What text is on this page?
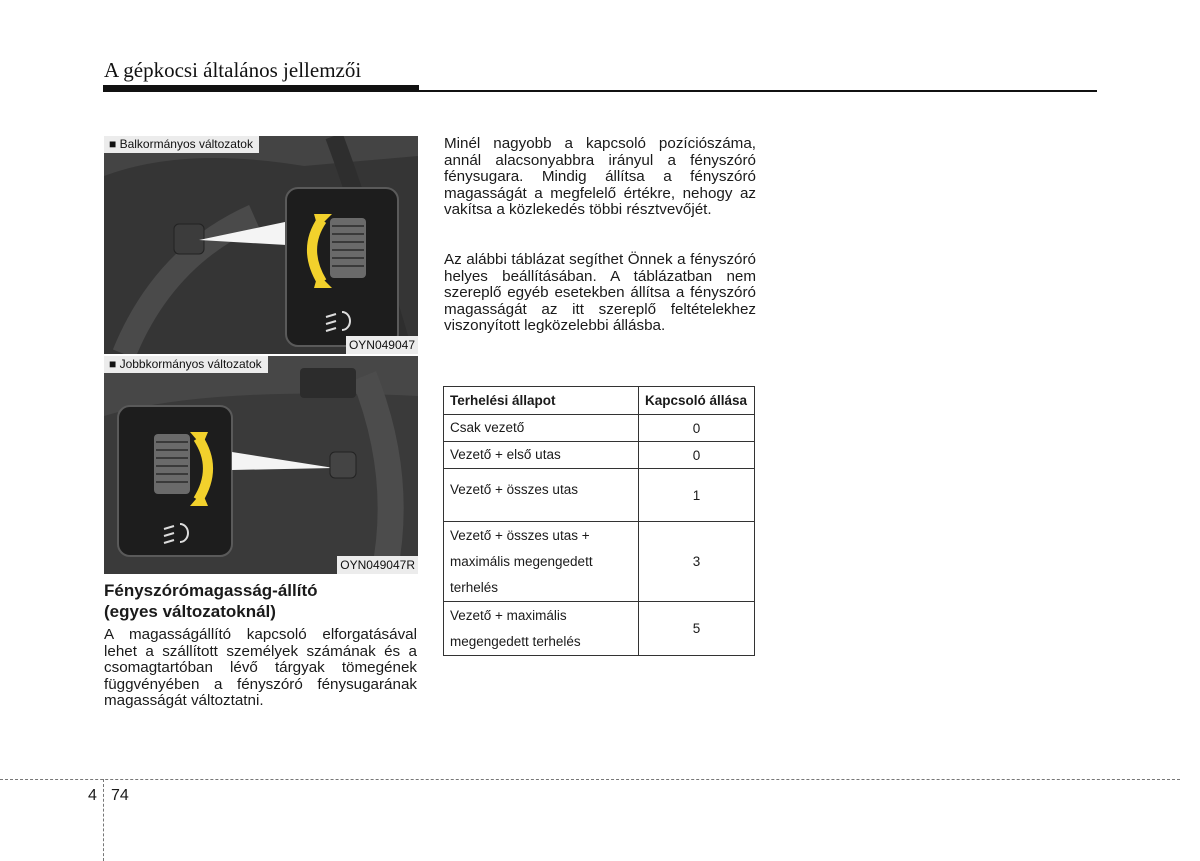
A gépkocsi általános jellemzői
■ Balkormányos változatok
OYN049047
■ Jobbkormányos változatok
OYN049047R
Fényszórómagasság-állító
(egyes változatoknál)

A magasságállító kapcsoló elforgatásával lehet a szállított személyek számának és a csomagtartóban lévő tárgyak tömegének függvényében a fényszóró fénysugarának magasságát változtatni.

Minél nagyobb a kapcsoló pozíciószáma, annál alacsonyabbra irányul a fényszóró fénysugara. Mindig állítsa a fényszóró magasságát a megfelelő értékre, nehogy az vakítsa a közlekedés többi résztvevőjét.

Az alábbi táblázat segíthet Önnek a fényszóró helyes beállításában. A táblázatban nem szereplő egyéb esetekben állítsa a fényszóró magasságát az itt szereplő feltételekhez viszonyított legközelebbi állásba.

Terhelési állapot	Kapcsoló állása
Csak vezető	0
Vezető + első utas	0
Vezető + összes utas	1
Vezető + összes utas + maximális megengedett terhelés	3
Vezető + maximális megengedett terhelés	5
4 74
